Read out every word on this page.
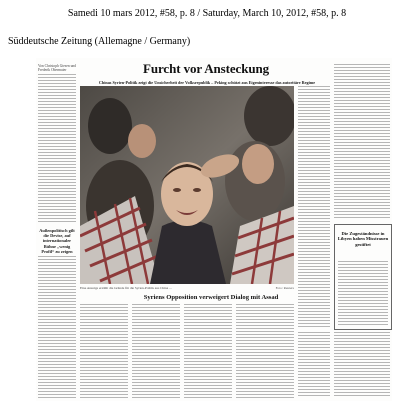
Samedi 10 mars 2012, #58, p. 8 / Saturday, March 10, 2012, #58, p. 8
Süddeutsche Zeitung (Allemagne / Germany)
Von Christoph Giesen und Frederik Obermaier
Außenpolitisch gilt die Devise, auf internationaler Bühne „wenig Profil“ zu zeigen
Furcht vor Ansteckung
Chinas Syrien-Politik zeigt die Unsicherheit der Volksrepublik – Peking schützt aus Eigeninteresse das autoritäre Regime
Eine Anzeige erzählt die Gründe für die Syrien-Politik aus China ...	Foto: Reuters
Die Zugeständnisse in Libyen haben Misstrauen gestiftet
Syriens Opposition verweigert Dialog mit Assad
